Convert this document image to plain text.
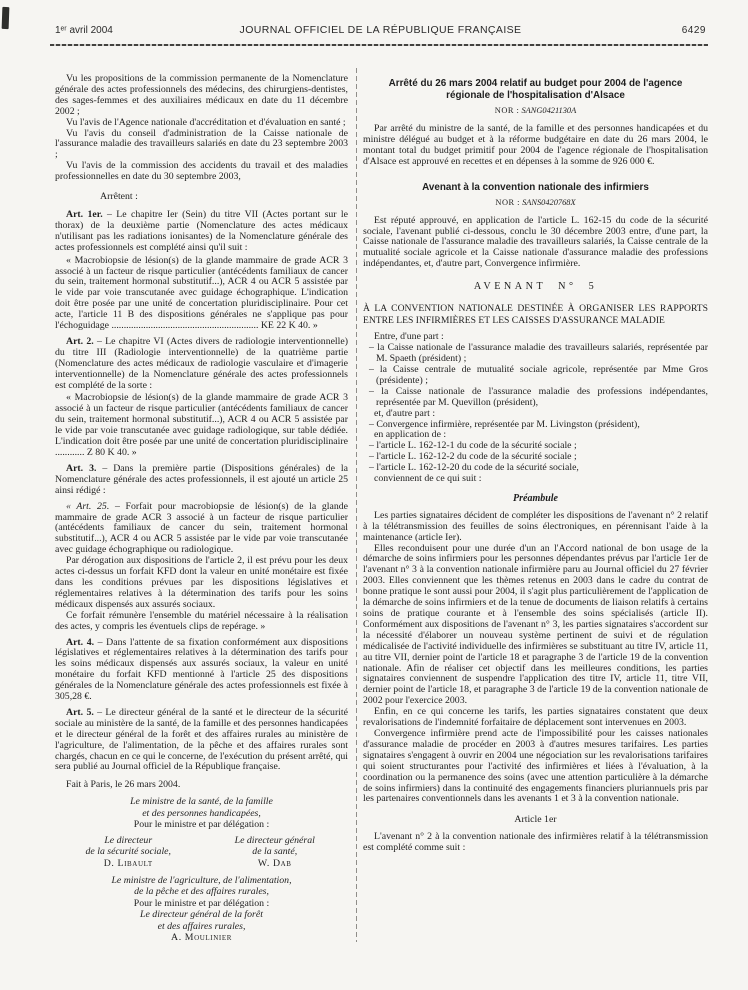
1ᵉʳ avril 2004	JOURNAL OFFICIEL DE LA RÉPUBLIQUE FRANÇAISE	6429

Vu les propositions de la commission permanente de la Nomenclature générale des actes professionnels des médecins, des chirurgiens-dentistes, des sages-femmes et des auxiliaires médicaux en date du 11 décembre 2002 ;

Vu l'avis de l'Agence nationale d'accréditation et d'évaluation en santé ;

Vu l'avis du conseil d'administration de la Caisse nationale de l'assurance maladie des travailleurs salariés en date du 23 septembre 2003 ;

Vu l'avis de la commission des accidents du travail et des maladies professionnelles en date du 30 septembre 2003,

Arrêtent :

Art. 1er. – Le chapitre Ier (Sein) du titre VII (Actes portant sur le thorax) de la deuxième partie (Nomenclature des actes médicaux n'utilisant pas les radiations ionisantes) de la Nomenclature générale des actes professionnels est complété ainsi qu'il suit :

« Macrobiopsie de lésion(s) de la glande mammaire de grade ACR 3 associé à un facteur de risque particulier (antécédents familiaux de cancer du sein, traitement hormonal substitutif...), ACR 4 ou ACR 5 assistée par le vide par voie transcutanée avec guidage échographique. L'indication doit être posée par une unité de concertation pluridisciplinaire. Pour cet acte, l'article 11 B des dispositions générales ne s'applique pas pour l'échoguidage ............................................................ KE 22 K 40. »

Art. 2. – Le chapitre VI (Actes divers de radiologie interventionnelle) du titre III (Radiologie interventionnelle) de la quatrième partie (Nomenclature des actes médicaux de radiologie vasculaire et d'imagerie interventionnelle) de la Nomenclature générale des actes professionnels est complété de la sorte :

« Macrobiopsie de lésion(s) de la glande mammaire de grade ACR 3 associé à un facteur de risque particulier (antécédents familiaux de cancer du sein, traitement hormonal substitutif...), ACR 4 ou ACR 5 assistée par le vide par voie transcutanée avec guidage radiologique, sur table dédiée. L'indication doit être posée par une unité de concertation pluridisciplinaire ............ Z 80 K 40. »

Art. 3. – Dans la première partie (Dispositions générales) de la Nomenclature générale des actes professionnels, il est ajouté un article 25 ainsi rédigé :

« Art. 25. – Forfait pour macrobiopsie de lésion(s) de la glande mammaire de grade ACR 3 associé à un facteur de risque particulier (antécédents familiaux de cancer du sein, traitement hormonal substitutif...), ACR 4 ou ACR 5 assistée par le vide par voie transcutanée avec guidage échographique ou radiologique.

Par dérogation aux dispositions de l'article 2, il est prévu pour les deux actes ci-dessus un forfait KFD dont la valeur en unité monétaire est fixée dans les conditions prévues par les dispositions législatives et réglementaires relatives à la détermination des tarifs pour les soins médicaux dispensés aux assurés sociaux.

Ce forfait rémunère l'ensemble du matériel nécessaire à la réalisation des actes, y compris les éventuels clips de repérage. »

Art. 4. – Dans l'attente de sa fixation conformément aux dispositions législatives et réglementaires relatives à la détermination des tarifs pour les soins médicaux dispensés aux assurés sociaux, la valeur en unité monétaire du forfait KFD mentionné à l'article 25 des dispositions générales de la Nomenclature générale des actes professionnels est fixée à 305,28 €.

Art. 5. – Le directeur général de la santé et le directeur de la sécurité sociale au ministère de la santé, de la famille et des personnes handicapées et le directeur général de la forêt et des affaires rurales au ministère de l'agriculture, de l'alimentation, de la pêche et des affaires rurales sont chargés, chacun en ce qui le concerne, de l'exécution du présent arrêté, qui sera publié au Journal officiel de la République française.

Fait à Paris, le 26 mars 2004.

Le ministre de la santé, de la famille

et des personnes handicapées,

Pour le ministre et par délégation :

Le directeur

de la sécurité sociale,

D. Libault

Le directeur général

de la santé,

W. Dab

Le ministre de l'agriculture, de l'alimentation,

de la pêche et des affaires rurales,

Pour le ministre et par délégation :

Le directeur général de la forêt

et des affaires rurales,

A. Moulinier

Arrêté du 26 mars 2004 relatif au budget pour 2004 de l'agence régionale de l'hospitalisation d'Alsace

NOR : SANG0421130A

Par arrêté du ministre de la santé, de la famille et des personnes handicapées et du ministre délégué au budget et à la réforme budgétaire en date du 26 mars 2004, le montant total du budget primitif pour 2004 de l'agence régionale de l'hospitalisation d'Alsace est approuvé en recettes et en dépenses à la somme de 926 000 €.

Avenant à la convention nationale des infirmiers

NOR : SANS0420768X

Est réputé approuvé, en application de l'article L. 162-15 du code de la sécurité sociale, l'avenant publié ci-dessous, conclu le 30 décembre 2003 entre, d'une part, la Caisse nationale de l'assurance maladie des travailleurs salariés, la Caisse centrale de la mutualité sociale agricole et la Caisse nationale d'assurance maladie des professions indépendantes, et, d'autre part, Convergence infirmière.

AVENANT N° 5

À LA CONVENTION NATIONALE DESTINÉE À ORGANISER LES RAPPORTS ENTRE LES INFIRMIÈRES ET LES CAISSES D'ASSURANCE MALADIE

Entre, d'une part :

– la Caisse nationale de l'assurance maladie des travailleurs salariés, représentée par M. Spaeth (président) ;

– la Caisse centrale de mutualité sociale agricole, représentée par Mme Gros (présidente) ;

– la Caisse nationale de l'assurance maladie des professions indépendantes, représentée par M. Quevillon (président),

et, d'autre part :

– Convergence infirmière, représentée par M. Livingston (président),

en application de :

– l'article L. 162-12-1 du code de la sécurité sociale ;

– l'article L. 162-12-2 du code de la sécurité sociale ;

– l'article L. 162-12-20 du code de la sécurité sociale,

conviennent de ce qui suit :

Préambule

Les parties signataires décident de compléter les dispositions de l'avenant n° 2 relatif à la télétransmission des feuilles de soins électroniques, en pérennisant l'aide à la maintenance (article Ier).

Elles reconduisent pour une durée d'un an l'Accord national de bon usage de la démarche de soins infirmiers pour les personnes dépendantes prévus par l'article 1er de l'avenant n° 3 à la convention nationale infirmière paru au Journal officiel du 27 février 2003. Elles conviennent que les thèmes retenus en 2003 dans le cadre du contrat de bonne pratique le sont aussi pour 2004, il s'agit plus particulièrement de l'application de la démarche de soins infirmiers et de la tenue de documents de liaison relatifs à certains soins de pratique courante et à l'ensemble des soins spécialisés (article II). Conformément aux dispositions de l'avenant n° 3, les parties signataires s'accordent sur la nécessité d'élaborer un nouveau système pertinent de suivi et de régulation médicalisée de l'activité individuelle des infirmières se substituant au titre IV, article 11, au titre VII, dernier point de l'article 18 et paragraphe 3 de l'article 19 de la convention nationale. Afin de réaliser cet objectif dans les meilleures conditions, les parties signataires conviennent de suspendre l'application des titre IV, article 11, titre VII, dernier point de l'article 18, et paragraphe 3 de l'article 19 de la convention nationale de 2002 pour l'exercice 2003.

Enfin, en ce qui concerne les tarifs, les parties signataires constatent que deux revalorisations de l'indemnité forfaitaire de déplacement sont intervenues en 2003.

Convergence infirmière prend acte de l'impossibilité pour les caisses nationales d'assurance maladie de procéder en 2003 à d'autres mesures tarifaires. Les parties signataires s'engagent à ouvrir en 2004 une négociation sur les revalorisations tarifaires qui soient structurantes pour l'activité des infirmières et liées à l'évaluation, à la coordination ou la permanence des soins (avec une attention particulière à la démarche de soins infirmiers) dans la continuité des engagements financiers pluriannuels pris par les partenaires conventionnels dans les avenants 1 et 3 à la convention nationale.

Article 1er

L'avenant n° 2 à la convention nationale des infirmières relatif à la télétransmission est complété comme suit :
